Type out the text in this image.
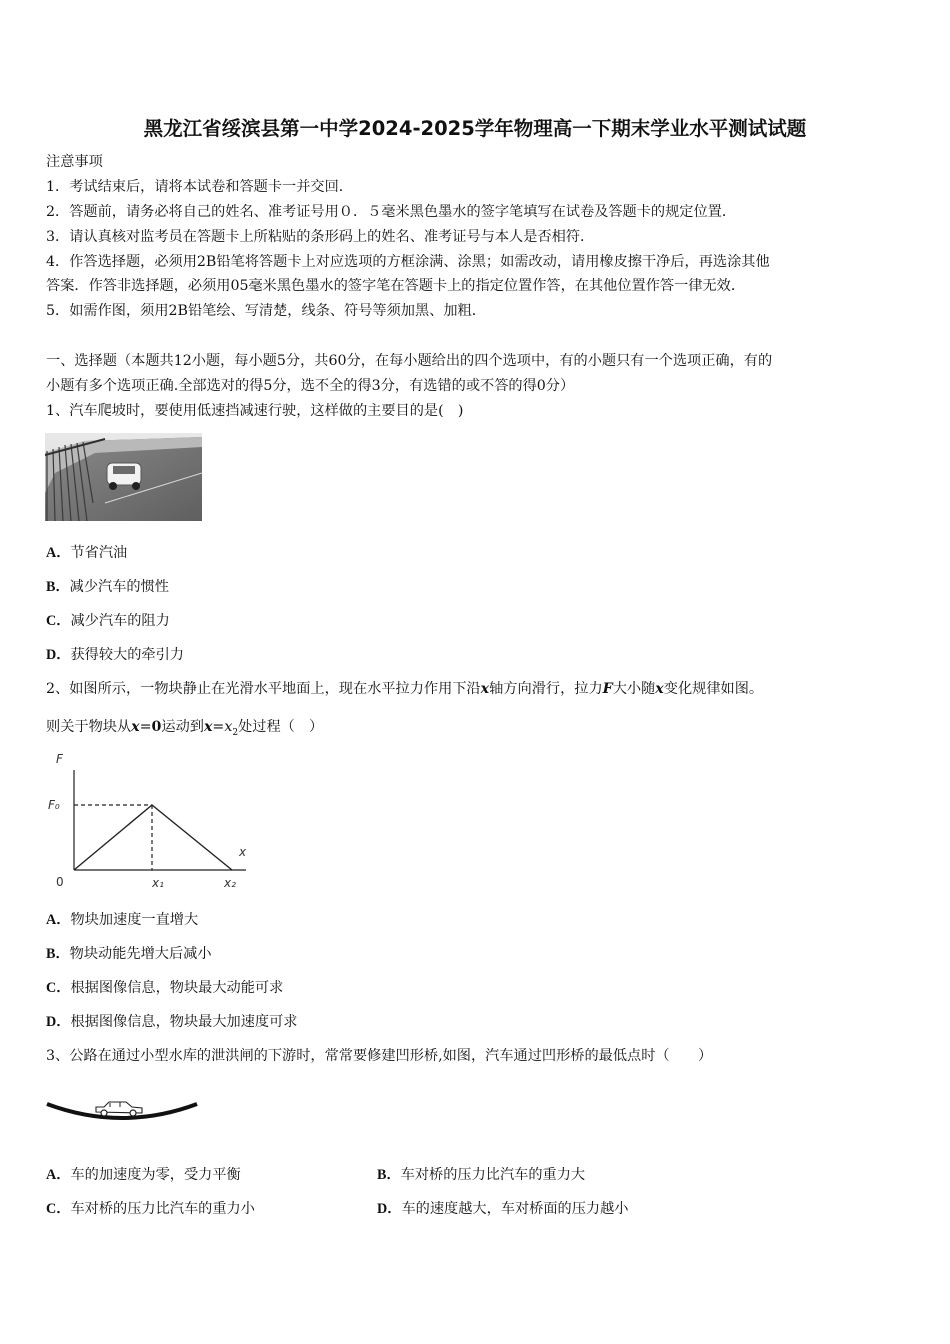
黑龙江省绥滨县第一中学2024-2025学年物理高一下期末学业水平测试试题
注意事项
1．考试结束后，请将本试卷和答题卡一并交回．
2．答题前，请务必将自己的姓名、准考证号用０．５毫米黑色墨水的签字笔填写在试卷及答题卡的规定位置．
3．请认真核对监考员在答题卡上所粘贴的条形码上的姓名、准考证号与本人是否相符．
4．作答选择题，必须用2B铅笔将答题卡上对应选项的方框涂满、涂黑；如需改动，请用橡皮擦干净后，再选涂其他
答案．作答非选择题，必须用05毫米黑色墨水的签字笔在答题卡上的指定位置作答，在其他位置作答一律无效．
5．如需作图，须用2B铅笔绘、写清楚，线条、符号等须加黑、加粗．
一、选择题（本题共12小题，每小题5分，共60分，在每小题给出的四个选项中，有的小题只有一个选项正确，有的
小题有多个选项正确.全部选对的得5分，选不全的得3分，有选错的或不答的得0分）
1、汽车爬坡时，要使用低速挡减速行驶，这样做的主要目的是(　)
A．节省汽油
B．减少汽车的惯性
C．减少汽车的阻力
D．获得较大的牵引力
2、如图所示，一物块静止在光滑水平地面上，现在水平拉力作用下沿x轴方向滑行，拉力F大小随x变化规律如图。
则关于物块从x=0运动到$x=x_2$处过程（　）
F
F₀
0
x
x₁	x₂
A．物块加速度一直增大
B．物块动能先增大后减小
C．根据图像信息，物块最大动能可求
D．根据图像信息，物块最大加速度可求
3、公路在通过小型水库的泄洪闸的下游时，常常要修建凹形桥,如图，汽车通过凹形桥的最低点时（　　）
A．车的加速度为零，受力平衡	B．车对桥的压力比汽车的重力大
C．车对桥的压力比汽车的重力小	D．车的速度越大，车对桥面的压力越小
